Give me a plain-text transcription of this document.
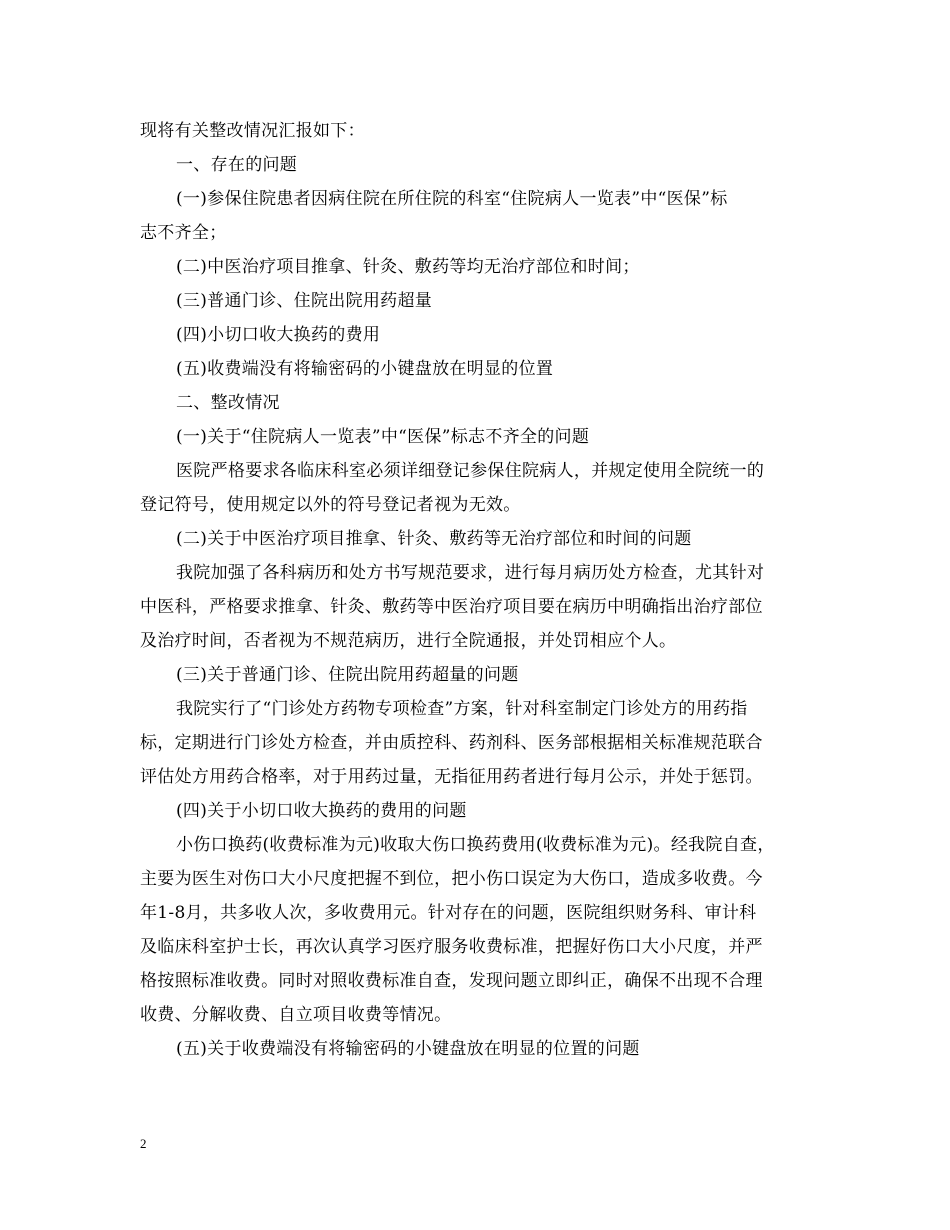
现将有关整改情况汇报如下：
一、存在的问题
(一)参保住院患者因病住院在所住院的科室“住院病人一览表”中“医保”标
志不齐全；
(二)中医治疗项目推拿、针灸、敷药等均无治疗部位和时间；
(三)普通门诊、住院出院用药超量
(四)小切口收大换药的费用
(五)收费端没有将输密码的小键盘放在明显的位置
二、整改情况
(一)关于“住院病人一览表”中“医保”标志不齐全的问题
医院严格要求各临床科室必须详细登记参保住院病人，并规定使用全院统一的
登记符号，使用规定以外的符号登记者视为无效。
(二)关于中医治疗项目推拿、针灸、敷药等无治疗部位和时间的问题
我院加强了各科病历和处方书写规范要求，进行每月病历处方检查，尤其针对
中医科，严格要求推拿、针灸、敷药等中医治疗项目要在病历中明确指出治疗部位
及治疗时间，否者视为不规范病历，进行全院通报，并处罚相应个人。
(三)关于普通门诊、住院出院用药超量的问题
我院实行了“门诊处方药物专项检查”方案，针对科室制定门诊处方的用药指
标，定期进行门诊处方检查，并由质控科、药剂科、医务部根据相关标准规范联合
评估处方用药合格率，对于用药过量，无指征用药者进行每月公示，并处于惩罚。
(四)关于小切口收大换药的费用的问题
小伤口换药(收费标准为元)收取大伤口换药费用(收费标准为元)。经我院自查，
主要为医生对伤口大小尺度把握不到位，把小伤口误定为大伤口，造成多收费。今
年1-8月，共多收人次，多收费用元。针对存在的问题，医院组织财务科、审计科
及临床科室护士长，再次认真学习医疗服务收费标准，把握好伤口大小尺度，并严
格按照标准收费。同时对照收费标准自查，发现问题立即纠正，确保不出现不合理
收费、分解收费、自立项目收费等情况。
(五)关于收费端没有将输密码的小键盘放在明显的位置的问题
2
